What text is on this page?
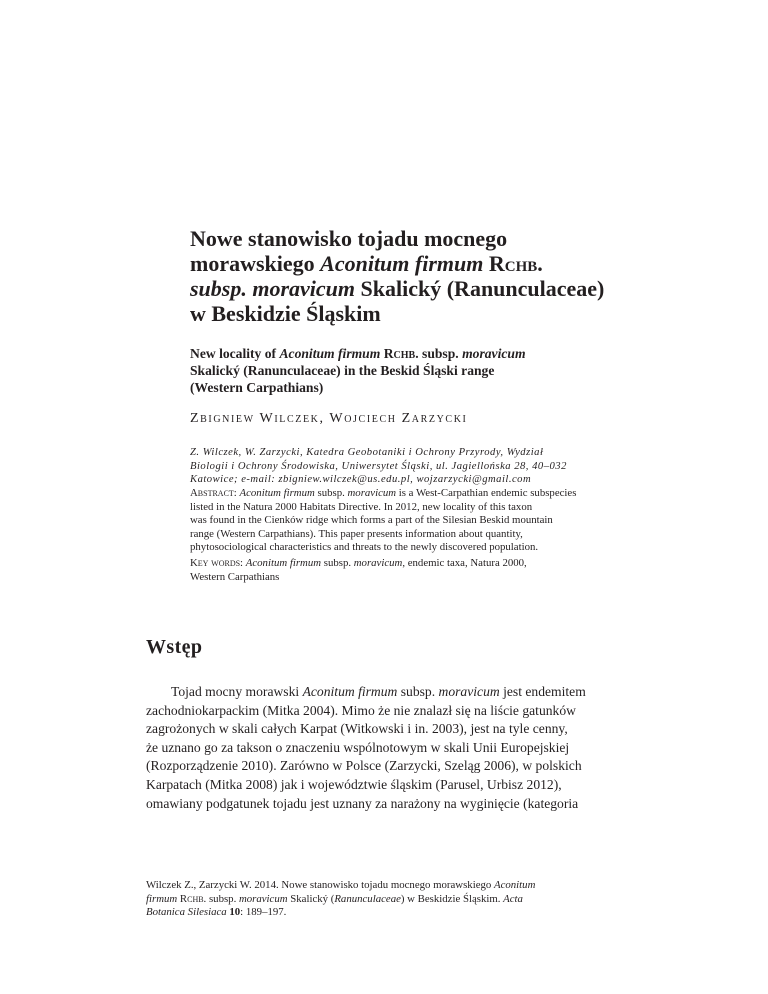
Nowe stanowisko tojadu mocnego
morawskiego Aconitum firmum Rchb.
subsp. moravicum Skalický (Ranunculaceae)
w Beskidzie Śląskim
New locality of Aconitum firmum Rchb. subsp. moravicum
Skalický (Ranunculaceae) in the Beskid Śląski range
(Western Carpathians)
Zbigniew Wilczek, Wojciech Zarzycki
Z. Wilczek, W. Zarzycki, Katedra Geobotaniki i Ochrony Przyrody, Wydział
Biologii i Ochrony Środowiska, Uniwersytet Śląski, ul. Jagiellońska 28, 40–032
Katowice; e-mail: zbigniew.wilczek@us.edu.pl, wojzarzycki@gmail.com
Abstract: Aconitum firmum subsp. moravicum is a West-Carpathian endemic subspecies
listed in the Natura 2000 Habitats Directive. In 2012, new locality of this taxon
was found in the Cienków ridge which forms a part of the Silesian Beskid mountain
range (Western Carpathians). This paper presents information about quantity,
phytosociological characteristics and threats to the newly discovered population.
Key words: Aconitum firmum subsp. moravicum, endemic taxa, Natura 2000,
Western Carpathians
Wstęp
Tojad mocny morawski Aconitum firmum subsp. moravicum jest endemitem
zachodniokarpackim (Mitka 2004). Mimo że nie znalazł się na liście gatunków
zagrożonych w skali całych Karpat (Witkowski i in. 2003), jest na tyle cenny,
że uznano go za takson o znaczeniu wspólnotowym w skali Unii Europejskiej
(Rozporządzenie 2010). Zarówno w Polsce (Zarzycki, Szeląg 2006), w polskich
Karpatach (Mitka 2008) jak i województwie śląskim (Parusel, Urbisz 2012),
omawiany podgatunek tojadu jest uznany za narażony na wyginięcie (kategoria
Wilczek Z., Zarzycki W. 2014. Nowe stanowisko tojadu mocnego morawskiego Aconitum
firmum Rchb. subsp. moravicum Skalický (Ranunculaceae) w Beskidzie Śląskim. Acta
Botanica Silesiaca 10: 189–197.
